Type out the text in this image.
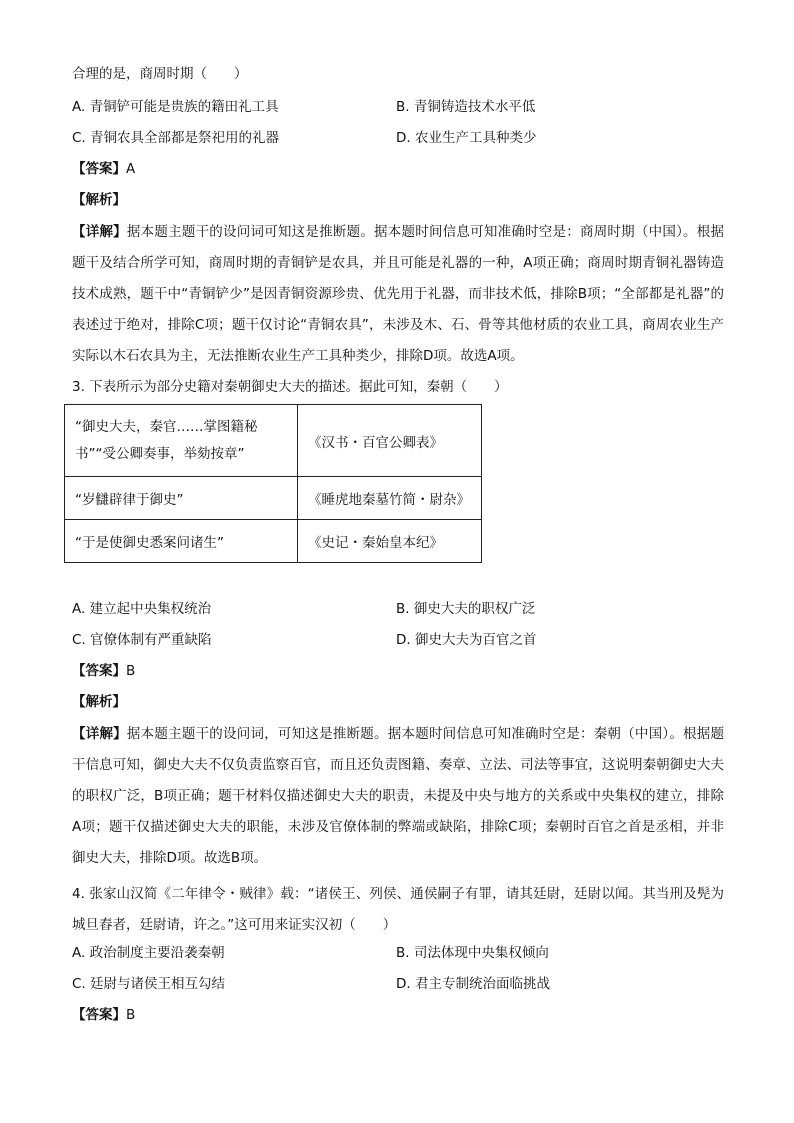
合理的是，商周时期（　　）
A. 青铜铲可能是贵族的籍田礼工具	B. 青铜铸造技术水平低
C. 青铜农具全部都是祭祀用的礼器	D. 农业生产工具种类少
【答案】A
【解析】
【详解】据本题主题干的设问词可知这是推断题。据本题时间信息可知准确时空是：商周时期（中国）。根据题干及结合所学可知，商周时期的青铜铲是农具，并且可能是礼器的一种，A项正确；商周时期青铜礼器铸造技术成熟，题干中“青铜铲少”是因青铜资源珍贵、优先用于礼器，而非技术低，排除B项；“全部都是礼器”的表述过于绝对，排除C项；题干仅讨论“青铜农具”，未涉及木、石、骨等其他材质的农业工具，商周农业生产实际以木石农具为主，无法推断农业生产工具种类少，排除D项。故选A项。
3. 下表所示为部分史籍对秦朝御史大夫的描述。据此可知，秦朝（　　）
“御史大夫，秦官……掌图籍秘书”“受公卿奏事，举劾按章”	《汉书・百官公卿表》
“岁讎辟律于御史”	《睡虎地秦墓竹简・尉杂》
“于是使御史悉案问诸生”	《史记・秦始皇本纪》
A. 建立起中央集权统治	B. 御史大夫的职权广泛
C. 官僚体制有严重缺陷	D. 御史大夫为百官之首
【答案】B
【解析】
【详解】据本题主题干的设问词，可知这是推断题。据本题时间信息可知准确时空是：秦朝（中国）。根据题干信息可知，御史大夫不仅负责监察百官，而且还负责图籍、奏章、立法、司法等事宜，这说明秦朝御史大夫的职权广泛，B项正确；题干材料仅描述御史大夫的职责，未提及中央与地方的关系或中央集权的建立，排除A项；题干仅描述御史大夫的职能，未涉及官僚体制的弊端或缺陷，排除C项；秦朝时百官之首是丞相，并非御史大夫，排除D项。故选B项。
4. 张家山汉简《二年律令・贼律》载：“诸侯王、列侯、通侯嗣子有罪，请其廷尉，廷尉以闻。其当刑及髡为城旦舂者，廷尉请，许之。”这可用来证实汉初（　　）
A. 政治制度主要沿袭秦朝	B. 司法体现中央集权倾向
C. 廷尉与诸侯王相互勾结	D. 君主专制统治面临挑战
【答案】B
